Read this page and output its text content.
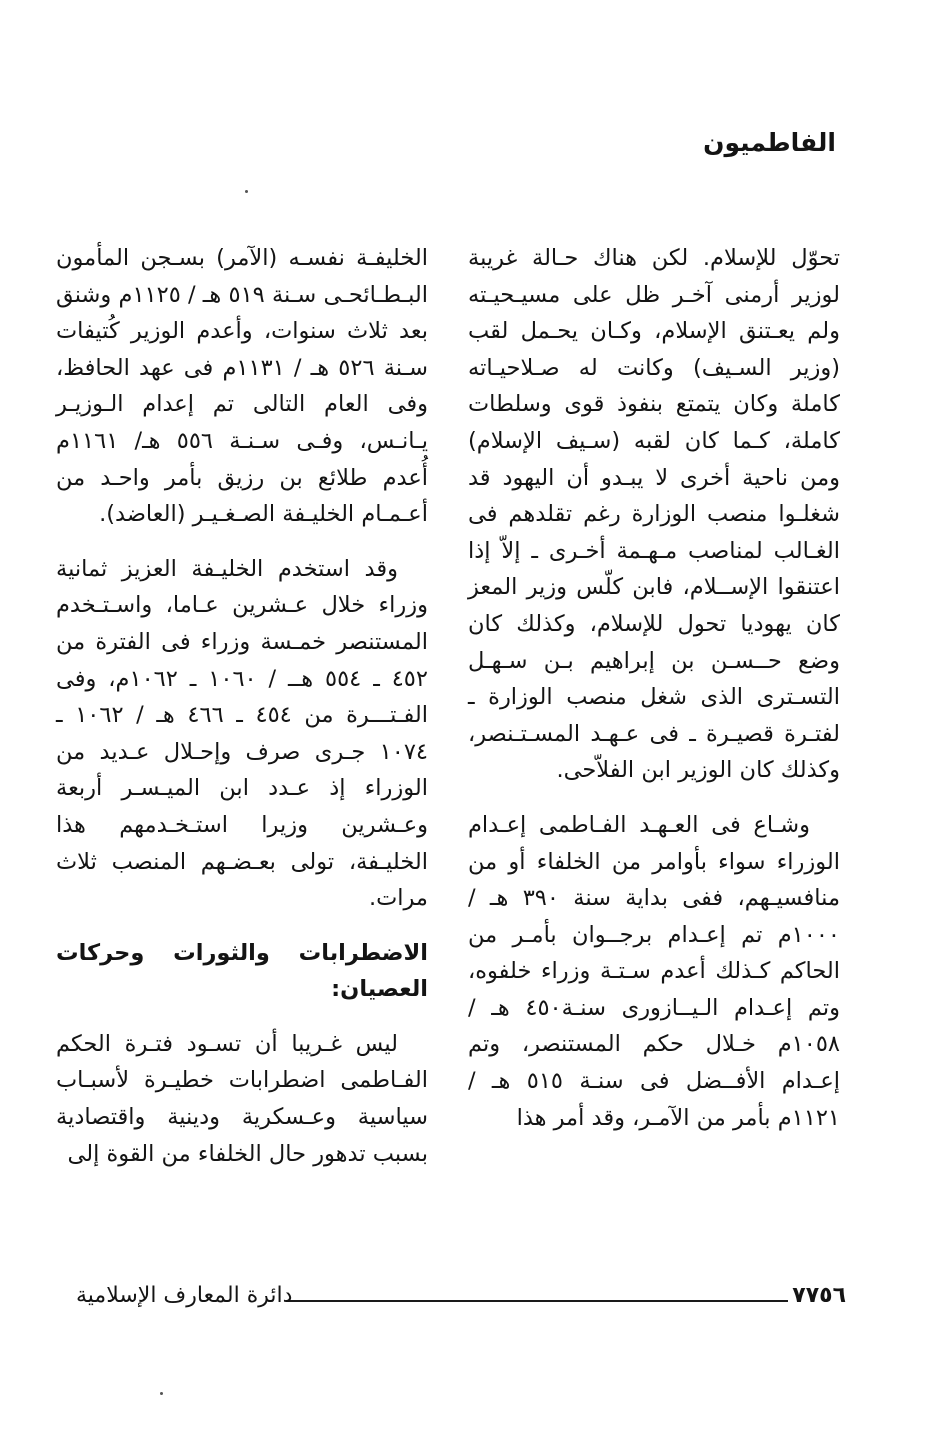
الفاطميون

تحوّل للإسلام. لكن هناك حـالة غريبة لوزير أرمنى آخـر ظل على مسيـحيـته ولم يعـتنق الإسلام، وكـان يحـمل لقب (وزير السـيف) وكانت له صـلاحيـاته كاملة وكان يتمتع بنفوذ قوى وسلطات كاملة، كـما كان لقبه (سـيف الإسلام) ومن ناحية أخرى لا يبـدو أن اليهود قد شغلـوا منصب الوزارة رغم تقلدهم فى الغـالب لمناصب مـهـمة أخـرى ـ إلاّ إذا اعتنقوا الإســلام، فابن كلّس وزير المعز كان يهوديا تحول للإسلام، وكذلك كان وضع حــسـن بن إبراهيم بـن سـهـل التسـترى الذى شغل منصب الوزارة ـ لفتـرة قصيـرة ـ فى عـهـد المسـتـنصر، وكذلك كان الوزير ابن الفلاّحى.

وشـاع فى العـهـد الفـاطمى إعـدام الوزراء سواء بأوامر من الخلفاء أو من منافسيـهم، ففى بداية سنة ٣٩٠ هـ / ١٠٠٠م تم إعـدام برجــوان بأمـر من الحاكم كـذلك أعدم سـتـة وزراء خلفوه، وتم إعـدام الـيــازورى سنـة٤٥٠ هـ /١٠٥٨م خـلال حكم المستنصر، وتم إعـدام الأفــضل فى سنـة ٥١٥ هـ / ١١٢١م بأمر من الآمـر، وقد أمر هذا

الخليفـة نفسـه (الآمر) بسـجن المأمون البـطـائحـى سـنة ٥١٩ هـ / ١١٢٥م وشنق بعد ثلاث سنوات، وأعدم الوزير كُتيفات سـنة ٥٢٦ هـ / ١١٣١م فى عهد الحافظ، وفى العام التالى تم إعدام الـوزيـر يـانـس، وفـى سـنـة ٥٥٦ هـ/ ١١٦١م أُعدم طلائع بن رزيق بأمر واحـد من أعـمـام الخليـفة الصـغـيـر (العاضد).

وقد استخدم الخليـفة العزيز ثمانية وزراء خلال عـشرين عـاما، واسـتـخدم المستنصر خمـسة وزراء فى الفترة من ٤٥٢ ـ ٥٥٤ هــ / ١٠٦٠ ـ ١٠٦٢م، وفى الفـتـــرة من ٤٥٤ ـ ٤٦٦ هـ / ١٠٦٢ ـ ١٠٧٤ جـرى صرف وإحـلال عـديد من الوزراء إذ عـدد ابن الميـسـر أربعة وعـشرين وزيرا استـخـدمهم هذا الخليـفة، تولى بعـضـهم المنصب ثلاث مرات.

الاضطرابات والثورات وحركات العصيان:

ليس غـريبا أن تسـود فتـرة الحكم الفـاطمى اضطرابات خطيـرة لأسبـاب سياسية وعـسكرية ودينية واقتصادية بسبب تدهور حال الخلفاء من القوة إلى

٧٧٥٦
دائرة المعارف الإسلامية
